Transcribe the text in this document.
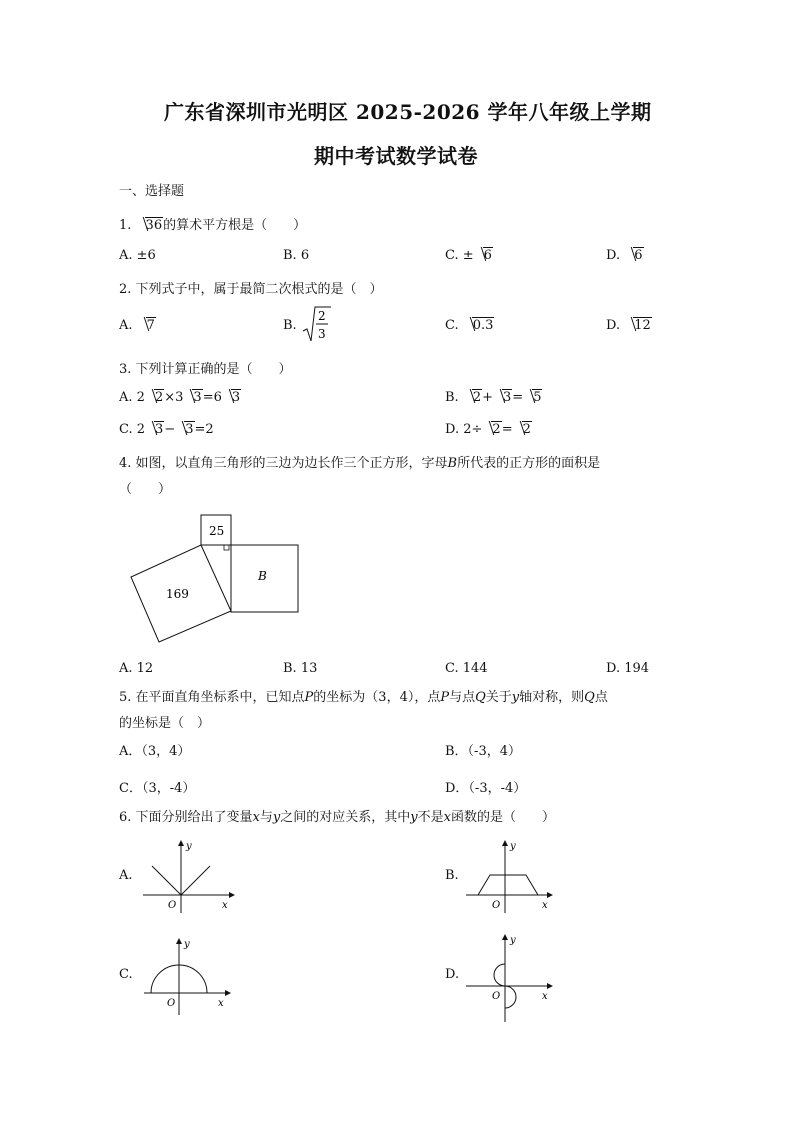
广东省深圳市光明区 2025-2026 学年八年级上学期
期中考试数学试卷
一、选择题
1. 36的算术平方根是（　　）
A. ±6	B. 6	C. ± 6	D. 6
2. 下列式子中，属于最简二次根式的是（　）
A. 7	B.
2
3
C. 0.3	D. 12
3. 下列计算正确的是（　　）
A. 2 2×3 3=6 3	B. 2+ 3= 5
C. 2 3− 3=2	D. 2÷ 2= 2
4. 如图，以直角三角形的三边为边长作三个正方形，字母B所代表的正方形的面积是
（　　）
25
169
B
A. 12	B. 13	C. 144	D. 194
5. 在平面直角坐标系中，已知点P的坐标为（3，4），点P与点Q关于y轴对称，则Q点
的坐标是（　）
A．（3，4）	B．（-3，4）
C．（3，-4）	D．（-3，-4）
6. 下面分别给出了变量x与y之间的对应关系，其中y不是x函数的是（　　）
A.
y
x
O
B.
y
x
O
C.
y
x
O
D.
y
x
O
